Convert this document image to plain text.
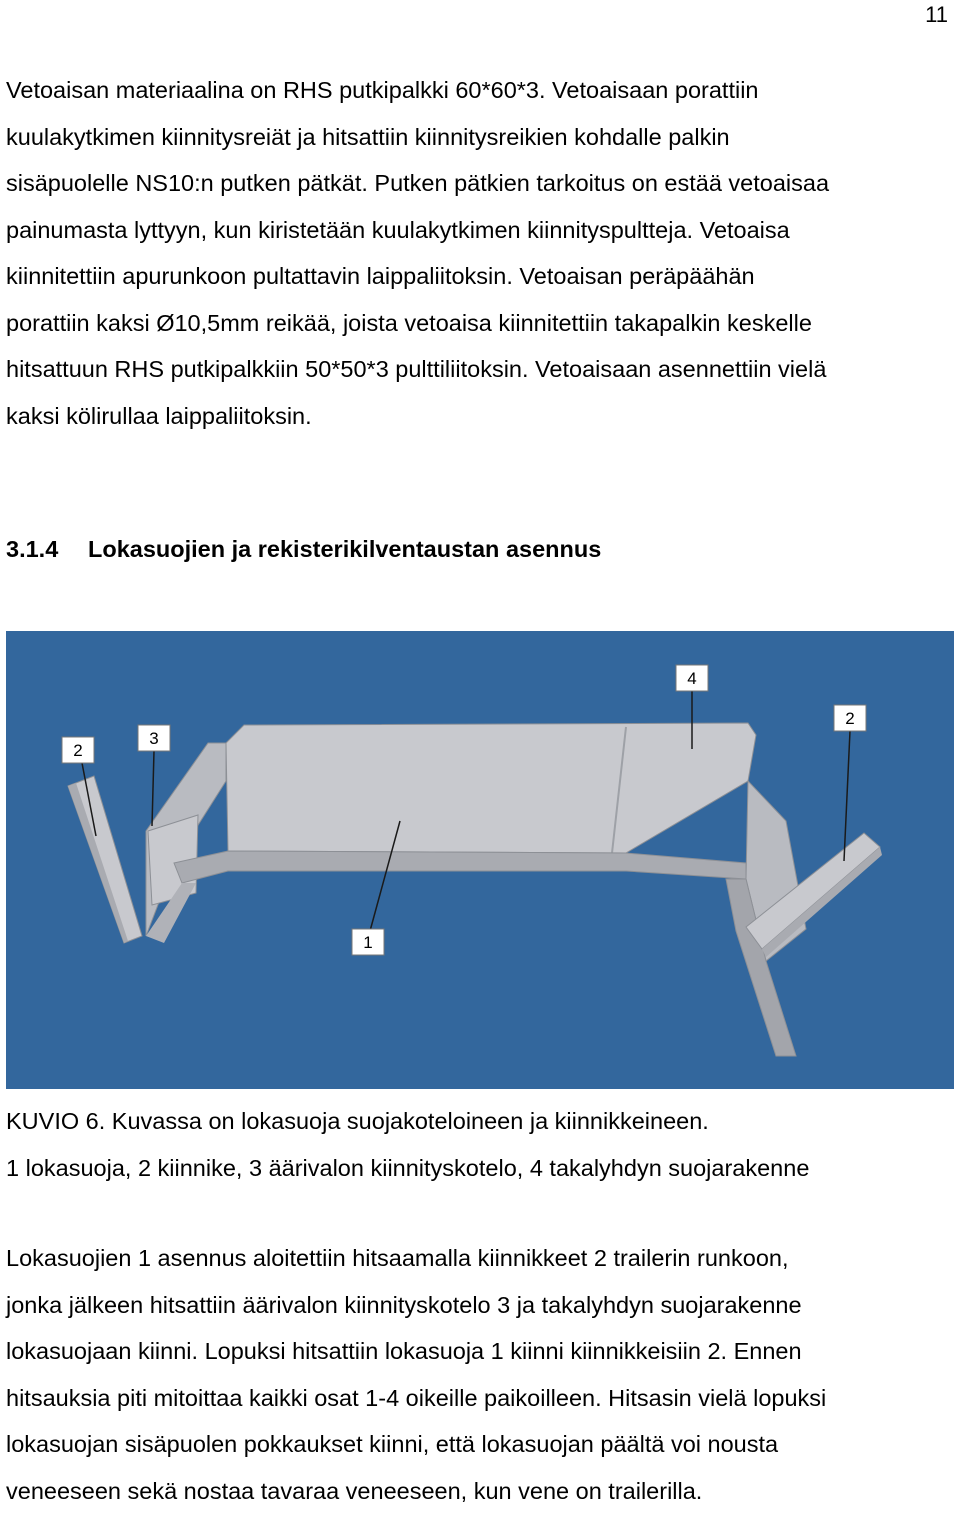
11
Vetoaisan materiaalina on RHS putkipalkki 60*60*3. Vetoaisaan porattiin
kuulakytkimen kiinnitysreiät ja hitsattiin kiinnitysreikien kohdalle palkin
sisäpuolelle NS10:n putken pätkät. Putken pätkien tarkoitus on estää vetoaisaa
painumasta lyttyyn, kun kiristetään kuulakytkimen kiinnityspultteja. Vetoaisa
kiinnitettiin apurunkoon pultattavin laippaliitoksin. Vetoaisan peräpäähän
porattiin kaksi Ø10,5mm reikää, joista vetoaisa kiinnitettiin takapalkin keskelle
hitsattuun RHS putkipalkkiin 50*50*3 pulttiliitoksin. Vetoaisaan asennettiin vielä
kaksi kölirullaa laippaliitoksin.
3.1.4 Lokasuojien ja rekisterikilventaustan asennus
2
3
4
2
1
KUVIO 6. Kuvassa on lokasuoja suojakoteloineen ja kiinnikkeineen.
1 lokasuoja, 2 kiinnike, 3 äärivalon kiinnityskotelo, 4 takalyhdyn suojarakenne
Lokasuojien 1 asennus aloitettiin hitsaamalla kiinnikkeet 2 trailerin runkoon,
jonka jälkeen hitsattiin äärivalon kiinnityskotelo 3 ja takalyhdyn suojarakenne
lokasuojaan kiinni. Lopuksi hitsattiin lokasuoja 1 kiinni kiinnikkeisiin 2. Ennen
hitsauksia piti mitoittaa kaikki osat 1-4 oikeille paikoilleen. Hitsasin vielä lopuksi
lokasuojan sisäpuolen pokkaukset kiinni, että lokasuojan päältä voi nousta
veneeseen sekä nostaa tavaraa veneeseen, kun vene on trailerilla.
